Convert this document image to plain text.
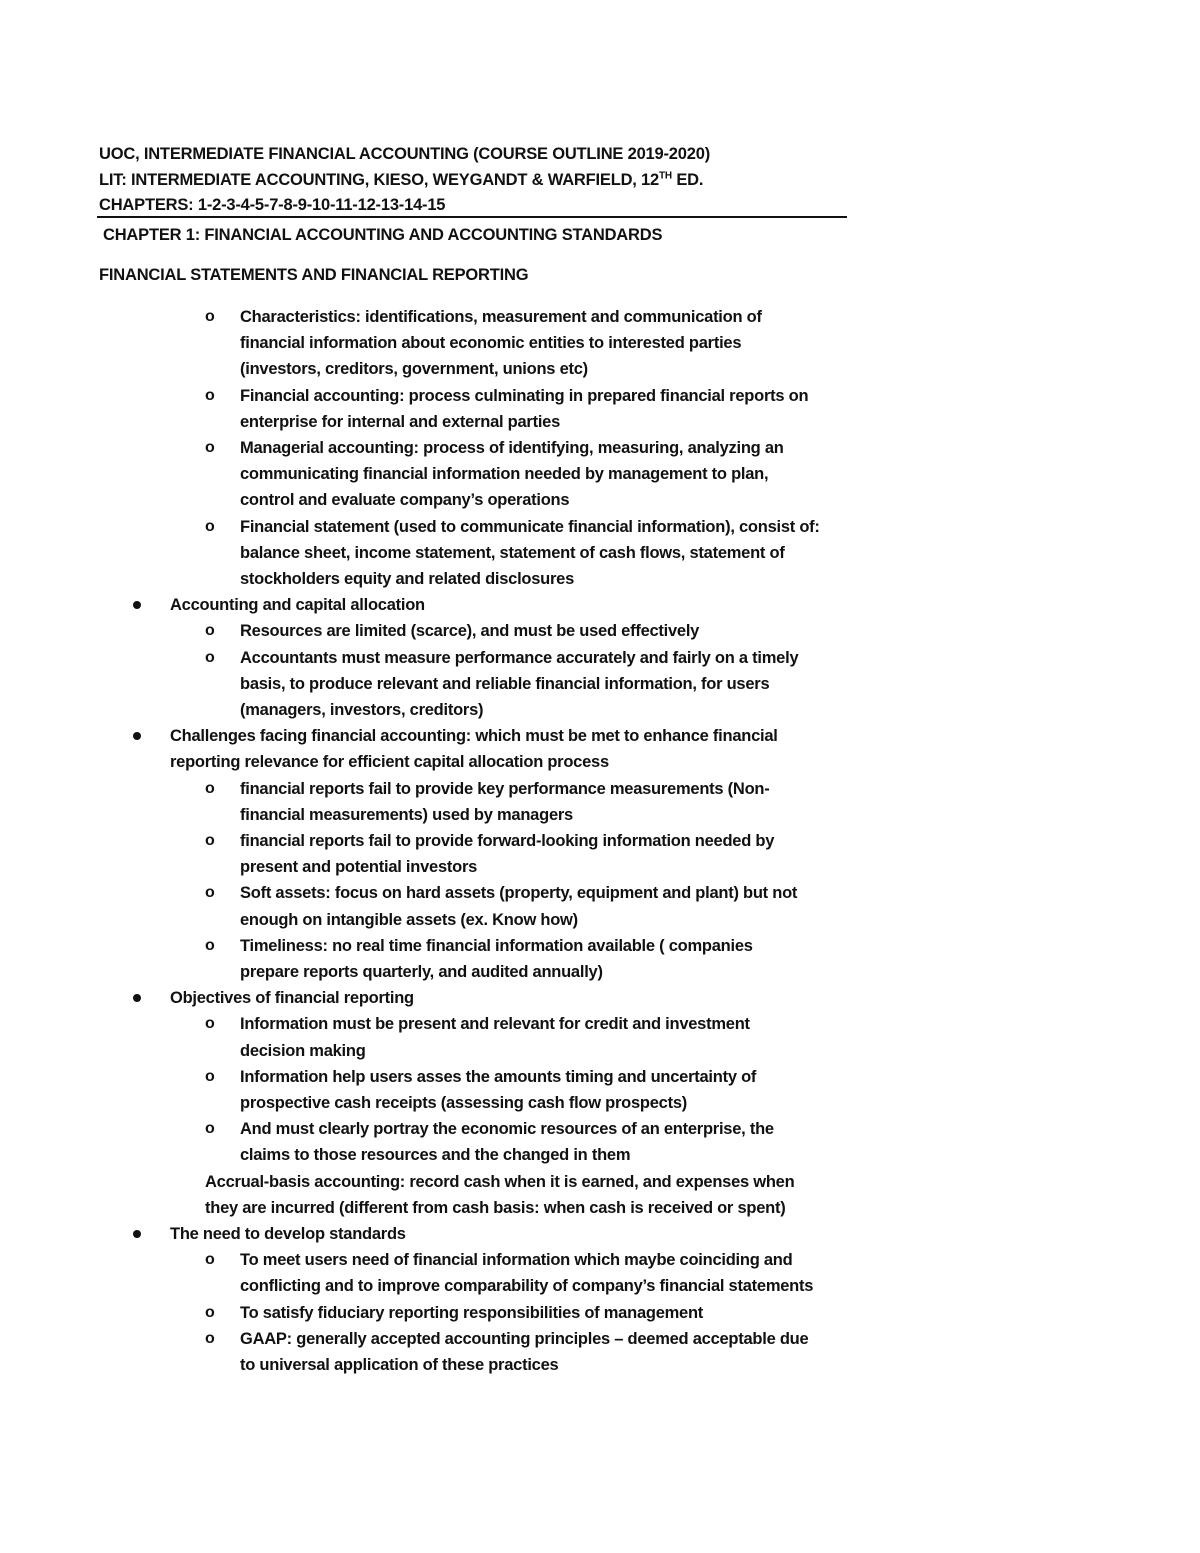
UOC, INTERMEDIATE FINANCIAL ACCOUNTING (COURSE OUTLINE 2019-2020)
LIT: INTERMEDIATE ACCOUNTING, KIESO, WEYGANDT & WARFIELD, 12TH ED.
CHAPTERS: 1-2-3-4-5-7-8-9-10-11-12-13-14-15
CHAPTER 1: FINANCIAL ACCOUNTING AND ACCOUNTING STANDARDS
FINANCIAL STATEMENTS AND FINANCIAL REPORTING
o Characteristics: identifications, measurement and communication of
financial information about economic entities to interested parties
(investors, creditors, government, unions etc)
o Financial accounting: process culminating in prepared financial reports on
enterprise for internal and external parties
o Managerial accounting: process of identifying, measuring, analyzing an
communicating financial information needed by management to plan,
control and evaluate company’s operations
o Financial statement (used to communicate financial information), consist of:
balance sheet, income statement, statement of cash flows, statement of
stockholders equity and related disclosures
Accounting and capital allocation
o Resources are limited (scarce), and must be used effectively
o Accountants must measure performance accurately and fairly on a timely
basis, to produce relevant and reliable financial information, for users
(managers, investors, creditors)
Challenges facing financial accounting: which must be met to enhance financial
reporting relevance for efficient capital allocation process
o financial reports fail to provide key performance measurements (Non-
financial measurements) used by managers
o financial reports fail to provide forward-looking information needed by
present and potential investors
o Soft assets: focus on hard assets (property, equipment and plant) but not
enough on intangible assets (ex. Know how)
o Timeliness: no real time financial information available ( companies
prepare reports quarterly, and audited annually)
Objectives of financial reporting
o Information must be present and relevant for credit and investment
decision making
o Information help users asses the amounts timing and uncertainty of
prospective cash receipts (assessing cash flow prospects)
o And must clearly portray the economic resources of an enterprise, the
claims to those resources and the changed in them
Accrual-basis accounting: record cash when it is earned, and expenses when
they are incurred (different from cash basis: when cash is received or spent)
The need to develop standards
o To meet users need of financial information which maybe coinciding and
conflicting and to improve comparability of company’s financial statements
o To satisfy fiduciary reporting responsibilities of management
o GAAP: generally accepted accounting principles – deemed acceptable due
to universal application of these practices
